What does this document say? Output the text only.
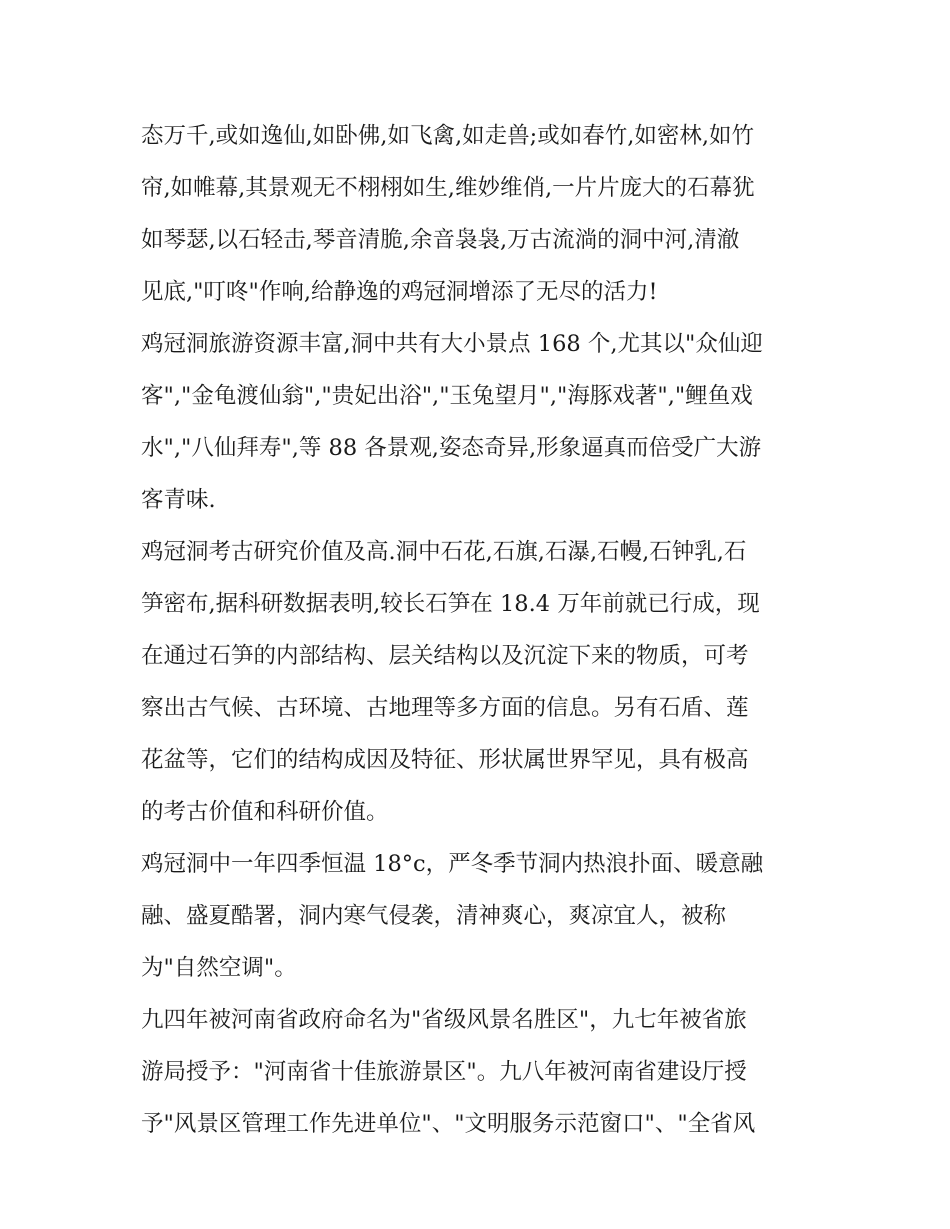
态万千,或如逸仙,如卧佛,如飞禽,如走兽;或如春竹,如密林,如竹
帘,如帷幕,其景观无不栩栩如生,维妙维俏,一片片庞大的石幕犹
如琴瑟,以石轻击,琴音清脆,余音袅袅,万古流淌的洞中河,清澈
见底,"叮咚"作响,给静逸的鸡冠洞增添了无尽的活力!
鸡冠洞旅游资源丰富,洞中共有大小景点 168 个,尤其以"众仙迎
客","金龟渡仙翁","贵妃出浴","玉兔望月","海豚戏著","鲤鱼戏
水","八仙拜寿",等 88 各景观,姿态奇异,形象逼真而倍受广大游
客青味.
鸡冠洞考古研究价值及高.洞中石花,石旗,石瀑,石幔,石钟乳,石
笋密布,据科研数据表明,较长石笋在 18.4 万年前就已行成，现
在通过石笋的内部结构、层关结构以及沉淀下来的物质，可考
察出古气候、古环境、古地理等多方面的信息。另有石盾、莲
花盆等，它们的结构成因及特征、形状属世界罕见，具有极高
的考古价值和科研价值。
鸡冠洞中一年四季恒温 18°c，严冬季节洞内热浪扑面、暖意融
融、盛夏酷署，洞内寒气侵袭，清神爽心，爽凉宜人，被称
为"自然空调"。
九四年被河南省政府命名为"省级风景名胜区"，九七年被省旅
游局授予："河南省十佳旅游景区"。九八年被河南省建设厅授
予"风景区管理工作先进单位"、"文明服务示范窗口"、"全省风
